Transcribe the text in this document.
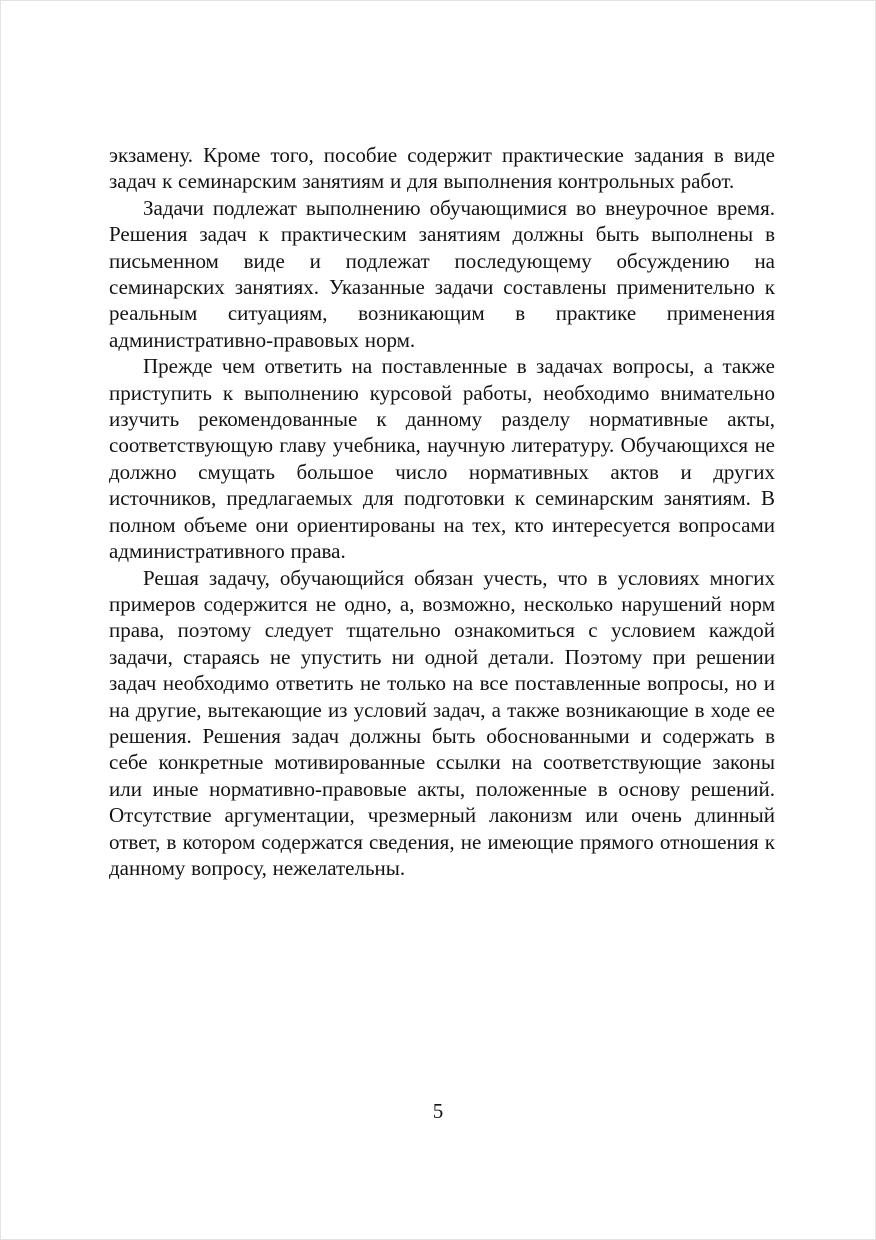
экзамену. Кроме того, пособие содержит практические задания в виде задач к семинарским занятиям и для выполнения контрольных работ.

Задачи подлежат выполнению обучающимися во внеурочное время. Решения задач к практическим занятиям должны быть выполнены в письменном виде и подлежат последующему обсуждению на семинарских занятиях. Указанные задачи составлены применительно к реальным ситуациям, возникающим в практике применения административно-правовых норм.

Прежде чем ответить на поставленные в задачах вопросы, а также приступить к выполнению курсовой работы, необходимо внимательно изучить рекомендованные к данному разделу нормативные акты, соответствующую главу учебника, научную литературу. Обучающихся не должно смущать большое число нормативных актов и других источников, предлагаемых для подготовки к семинарским занятиям. В полном объеме они ориентированы на тех, кто интересуется вопросами административного права.

Решая задачу, обучающийся обязан учесть, что в условиях многих примеров содержится не одно, а, возможно, несколько нарушений норм права, поэтому следует тщательно ознакомиться с условием каждой задачи, стараясь не упустить ни одной детали. Поэтому при решении задач необходимо ответить не только на все поставленные вопросы, но и на другие, вытекающие из условий задач, а также возникающие в ходе ее решения. Решения задач должны быть обоснованными и содержать в себе конкретные мотивированные ссылки на соответствующие законы или иные нормативно-правовые акты, положенные в основу решений. Отсутствие аргументации, чрезмерный лаконизм или очень длинный ответ, в котором содержатся сведения, не имеющие прямого отношения к данному вопросу, нежелательны.

5
